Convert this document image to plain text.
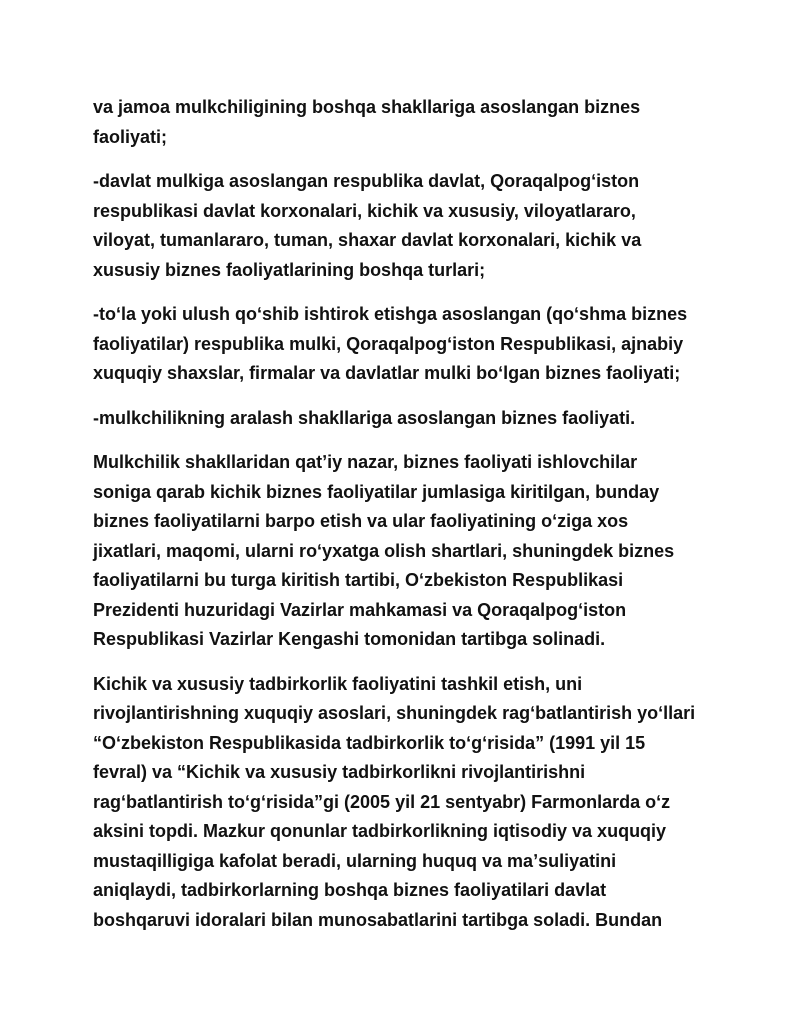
va jamoa mulkchiligining boshqa shakllariga asoslangan biznes
faoliyati;

-davlat mulkiga asoslangan respublika davlat, Qoraqalpogʻiston
respublikasi davlat korxonalari, kichik va xususiy, viloyatlararo,
viloyat, tumanlararo, tuman, shaxar davlat korxonalari, kichik va
xususiy biznes faoliyatlarining boshqa turlari;

-toʻla yoki ulush qoʻshib ishtirok etishga asoslangan (qoʻshma biznes
faoliyatilar) respublika mulki, Qoraqalpogʻiston Respublikasi, ajnabiy
xuquqiy shaxslar, firmalar va davlatlar mulki boʻlgan biznes faoliyati;

-mulkchilikning aralash shakllariga asoslangan biznes faoliyati.

Mulkchilik shakllaridan qatʼiy nazar, biznes faoliyati ishlovchilar
soniga qarab kichik biznes faoliyatilar jumlasiga kiritilgan, bunday
biznes faoliyatilarni barpo etish va ular faoliyatining oʻziga xos
jixatlari, maqomi, ularni roʻyxatga olish shartlari, shuningdek biznes
faoliyatilarni bu turga kiritish tartibi, Oʻzbekiston Respublikasi
Prezidenti huzuridagi Vazirlar mahkamasi va Qoraqalpogʻiston
Respublikasi Vazirlar Kengashi tomonidan tartibga solinadi.

Kichik va xususiy tadbirkorlik faoliyatini tashkil etish, uni
rivojlantirishning xuquqiy asoslari, shuningdek ragʻbatlantirish yoʻllari
“Oʻzbekiston Respublikasida tadbirkorlik toʻgʻrisida” (1991 yil 15
fevral) va “Kichik va xususiy tadbirkorlikni rivojlantirishni
ragʻbatlantirish toʻgʻrisida”gi (2005 yil 21 sentyabr) Farmonlarda oʻz
aksini topdi. Mazkur qonunlar tadbirkorlikning iqtisodiy va xuquqiy
mustaqilligiga kafolat beradi, ularning huquq va maʼsuliyatini
aniqlaydi, tadbirkorlarning boshqa biznes faoliyatilari davlat
boshqaruvi idoralari bilan munosabatlarini tartibga soladi. Bundan
